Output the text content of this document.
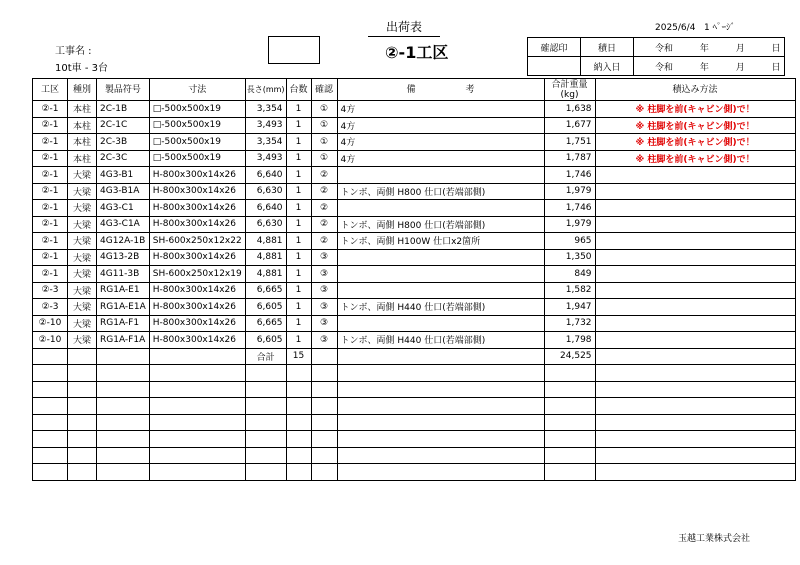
出荷表	2025/6/4 1 ﾍﾟｰｼﾞ
工事名 :
10t車 - 3台
②-1工区	確認印	積日	令和 年 月 日
	納入日	令和 年 月 日
工区	種別	製品符号	寸法	長さ(mm)	台数	確認	備 考	合計重量
(kg)	積込み方法
②-1	本柱	2C-1B	□-500x500x19	3,354	1	①	4方	1,638	※ 柱脚を前(キャビン側)で！
②-1	本柱	2C-1C	□-500x500x19	3,493	1	①	4方	1,677	※ 柱脚を前(キャビン側)で！
②-1	本柱	2C-3B	□-500x500x19	3,354	1	①	4方	1,751	※ 柱脚を前(キャビン側)で！
②-1	本柱	2C-3C	□-500x500x19	3,493	1	①	4方	1,787	※ 柱脚を前(キャビン側)で！
②-1	大梁	4G3-B1	H-800x300x14x26	6,640	1	②		1,746	
②-1	大梁	4G3-B1A	H-800x300x14x26	6,630	1	②	トンボ、両側 H800 仕口(若端部側)	1,979	
②-1	大梁	4G3-C1	H-800x300x14x26	6,640	1	②		1,746	
②-1	大梁	4G3-C1A	H-800x300x14x26	6,630	1	②	トンボ、両側 H800 仕口(若端部側)	1,979	
②-1	大梁	4G12A-1B	SH-600x250x12x22	4,881	1	②	トンボ、両側 H100W 仕口x2箇所	965	
②-1	大梁	4G13-2B	H-800x300x14x26	4,881	1	③		1,350	
②-1	大梁	4G11-3B	SH-600x250x12x19	4,881	1	③		849	
②-3	大梁	RG1A-E1	H-800x300x14x26	6,665	1	③		1,582	
②-3	大梁	RG1A-E1A	H-800x300x14x26	6,605	1	③	トンボ、両側 H440 仕口(若端部側)	1,947	
②-10	大梁	RG1A-F1	H-800x300x14x26	6,665	1	③		1,732	
②-10	大梁	RG1A-F1A	H-800x300x14x26	6,605	1	③	トンボ、両側 H440 仕口(若端部側)	1,798	
				合計	15			24,525	

玉越工業株式会社
